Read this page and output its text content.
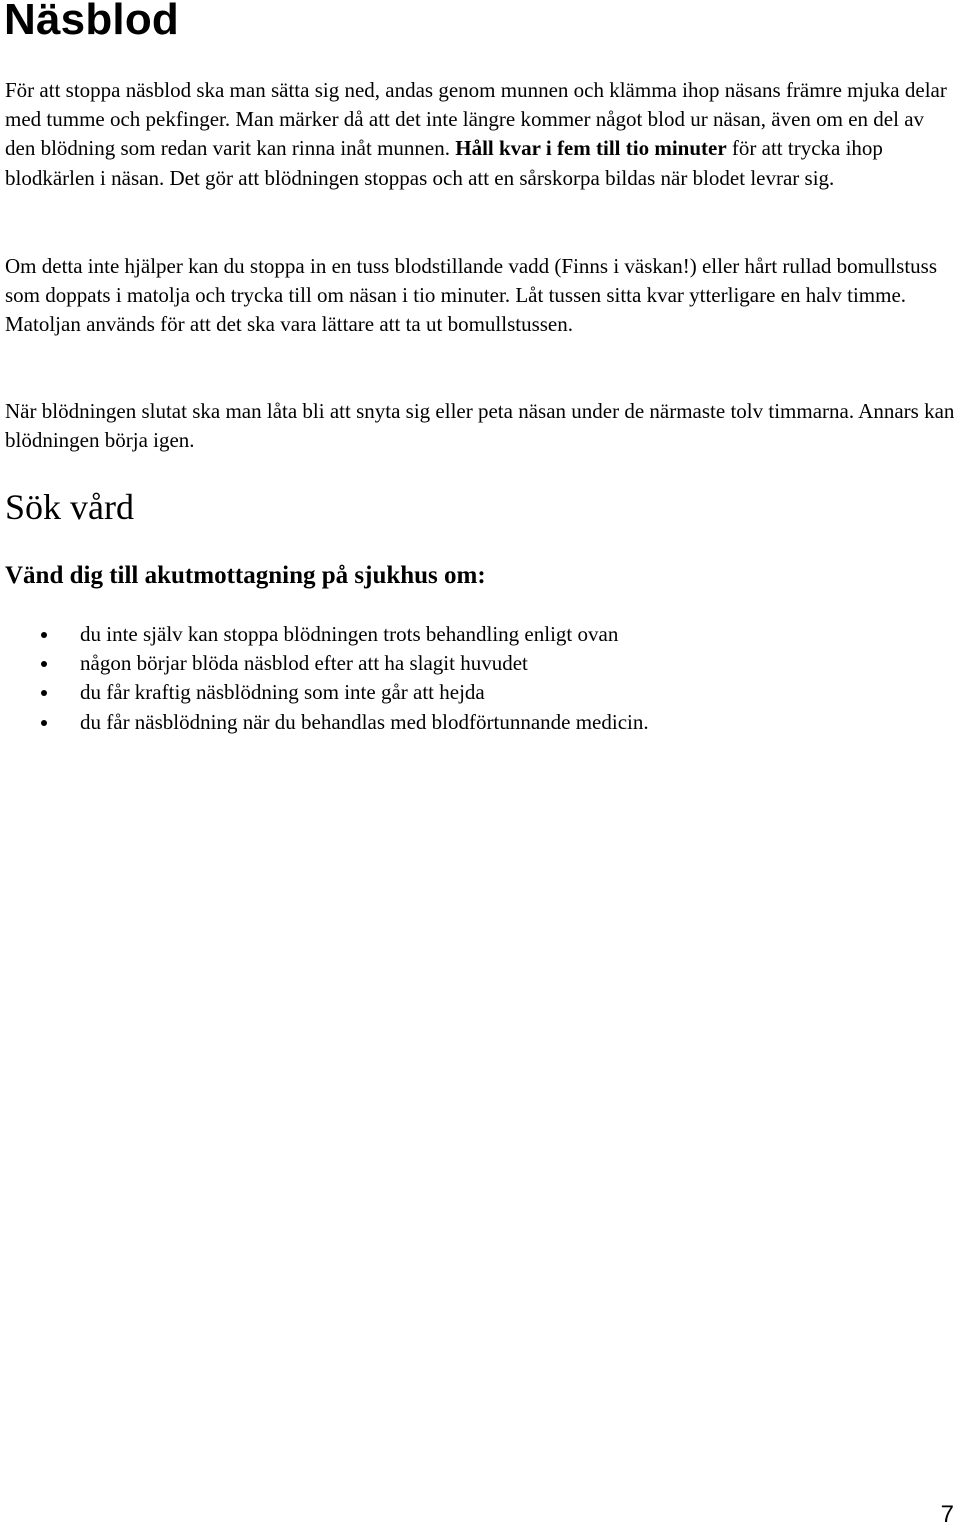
Näsblod

För att stoppa näsblod ska man sätta sig ned, andas genom munnen och klämma ihop näsans främre mjuka delar med tumme och pekfinger. Man märker då att det inte längre kommer något blod ur näsan, även om en del av den blödning som redan varit kan rinna inåt munnen. Håll kvar i fem till tio minuter för att trycka ihop blodkärlen i näsan. Det gör att blödningen stoppas och att en sårskorpa bildas när blodet levrar sig.

Om detta inte hjälper kan du stoppa in en tuss blodstillande vadd (Finns i väskan!) eller hårt rullad bomullstuss som doppats i matolja och trycka till om näsan i tio minuter. Låt tussen sitta kvar ytterligare en halv timme. Matoljan används för att det ska vara lättare att ta ut bomullstussen.

När blödningen slutat ska man låta bli att snyta sig eller peta näsan under de närmaste tolv timmarna. Annars kan blödningen börja igen.

Sök vård
Vänd dig till akutmottagning på sjukhus om:
du inte själv kan stoppa blödningen trots behandling enligt ovan
någon börjar blöda näsblod efter att ha slagit huvudet
du får kraftig näsblödning som inte går att hejda
du får näsblödning när du behandlas med blodförtunnande medicin.
7
